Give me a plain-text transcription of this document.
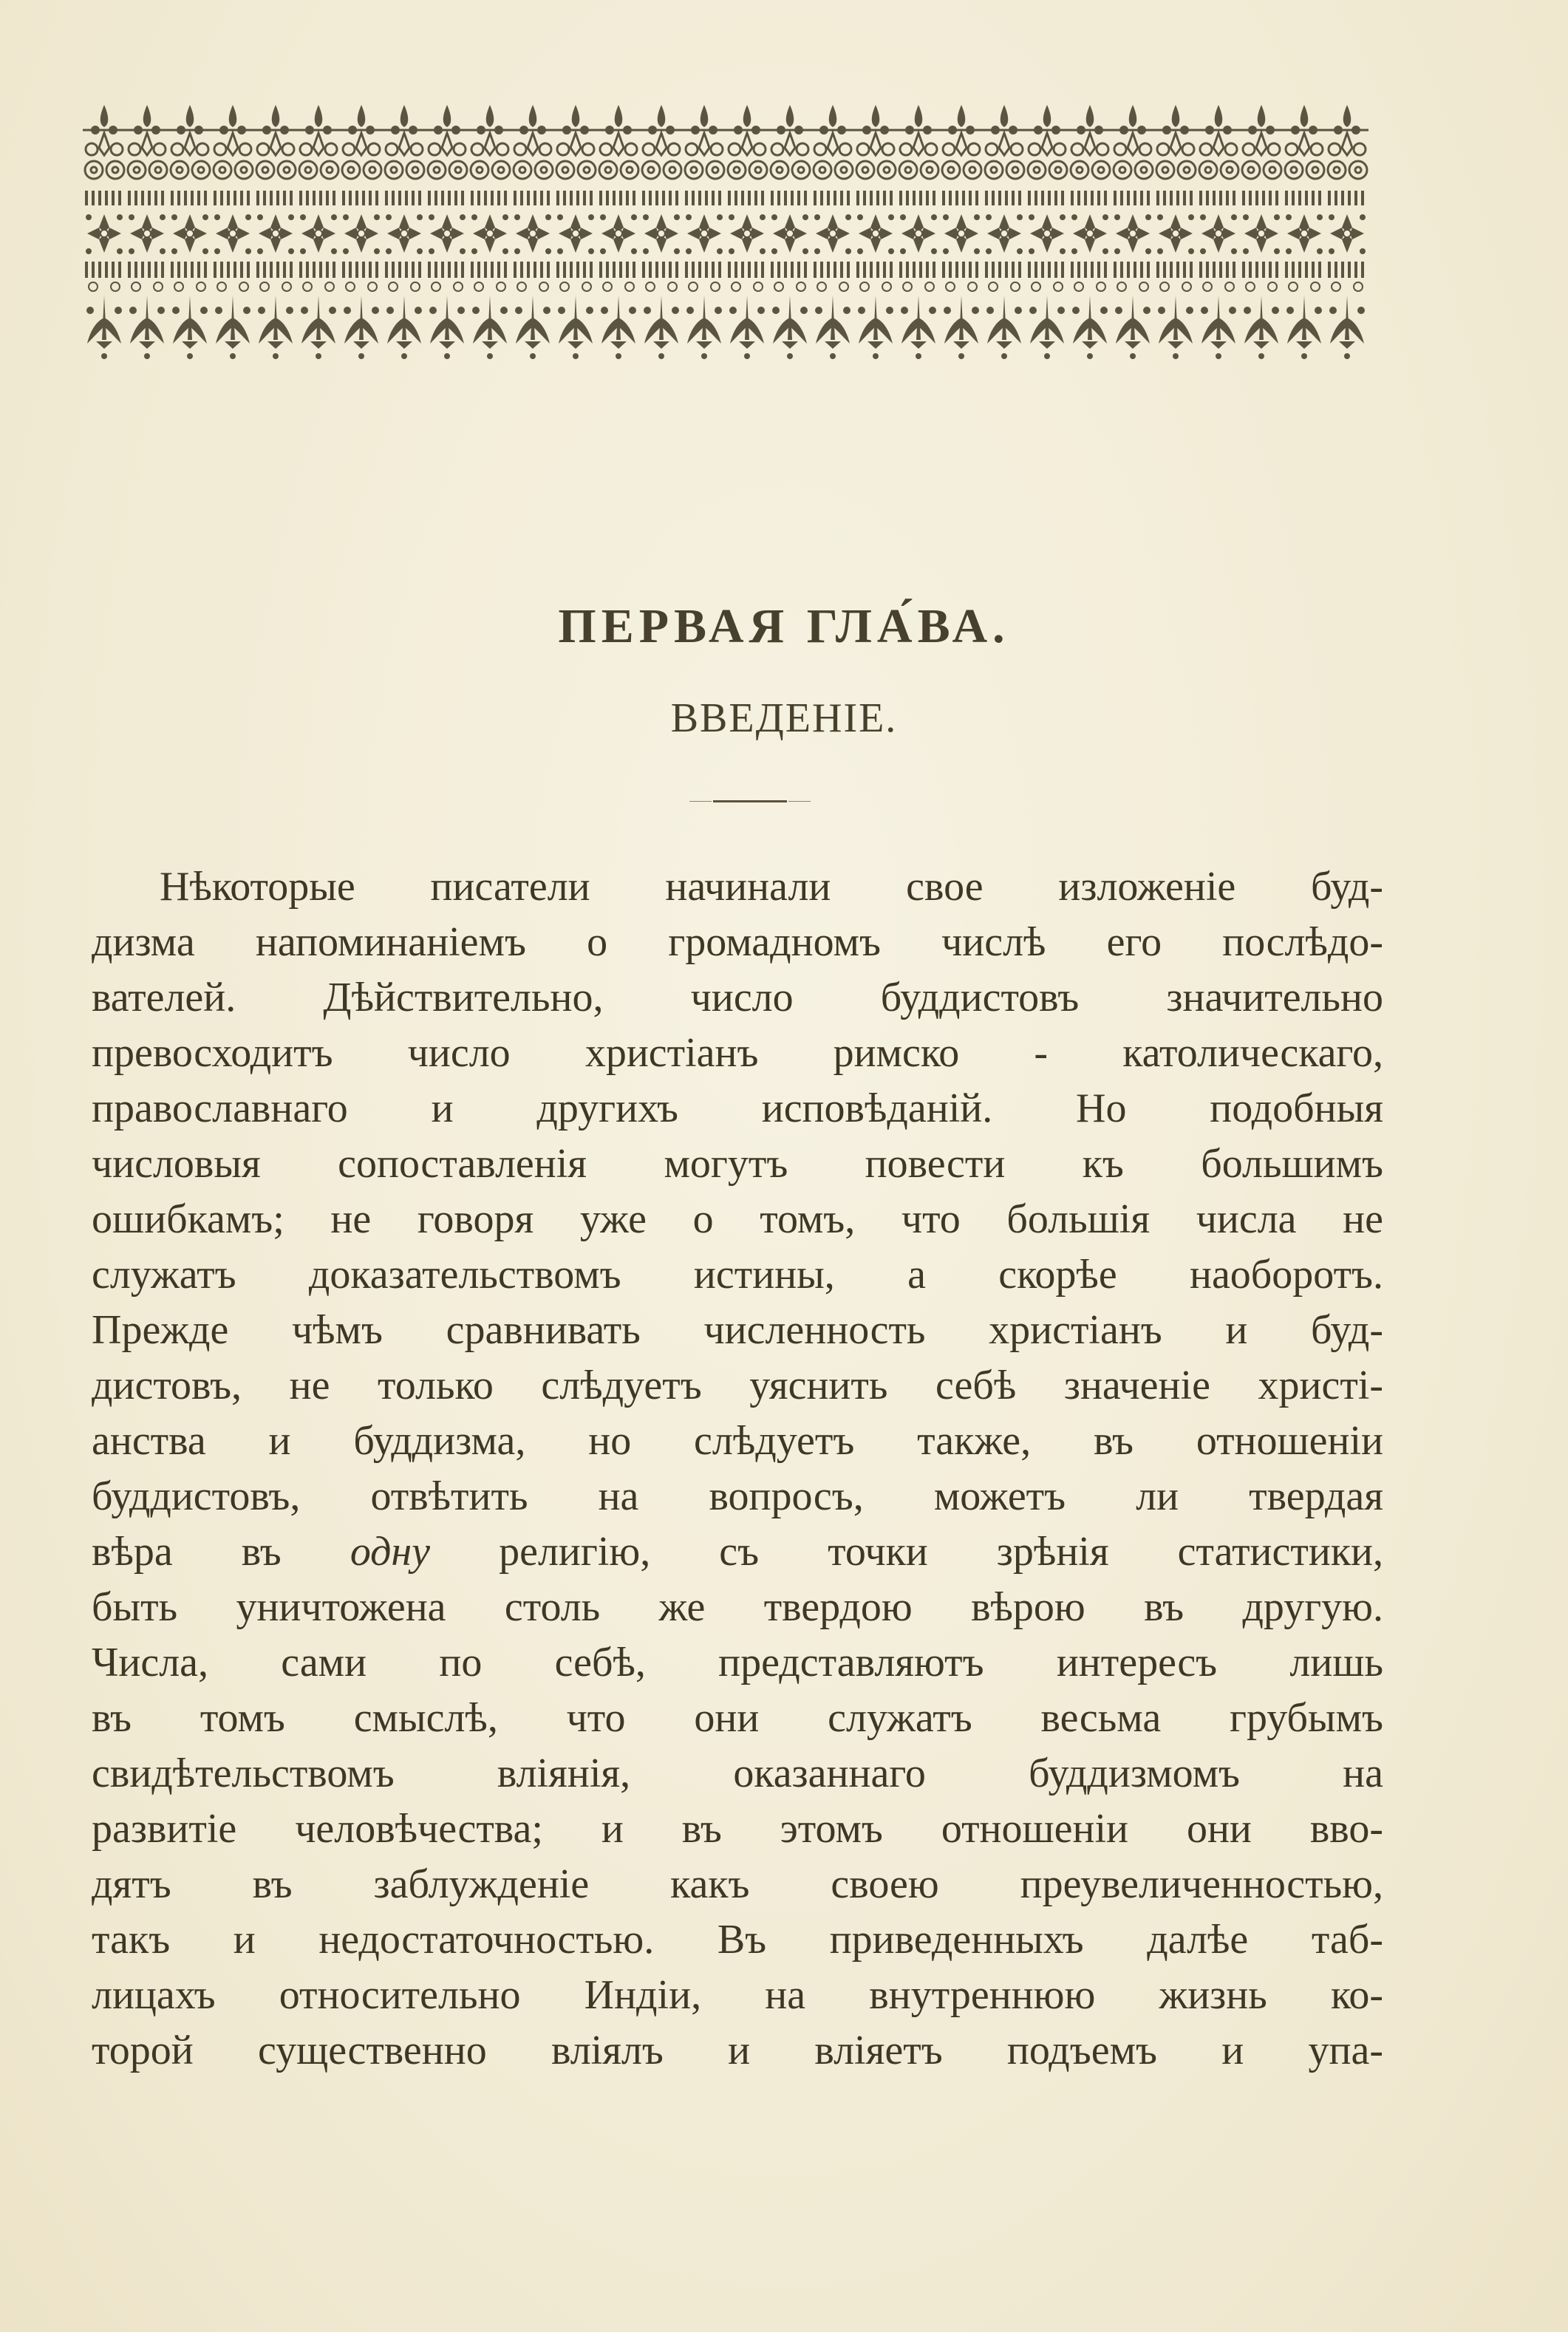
ПЕРВАЯ ГЛА́ВА.
ВВЕДЕНІЕ.
Нѣкоторые писатели начинали свое изложеніе буд-
дизма напоминаніемъ о громадномъ числѣ его послѣдо-
вателей. Дѣйствительно, число буддистовъ значительно
превосходитъ число христіанъ римско - католическаго,
православнаго и другихъ исповѣданій. Но подобныя
числовыя сопоставленія могутъ повести къ большимъ
ошибкамъ; не говоря уже о томъ, что большія числа не
служатъ доказательствомъ истины, а скорѣе наоборотъ.
Прежде чѣмъ сравнивать численность христіанъ и буд-
дистовъ, не только слѣдуетъ уяснить себѣ значеніе христі-
анства и буддизма, но слѣдуетъ также, въ отношеніи
буддистовъ, отвѣтить на вопросъ, можетъ ли твердая
вѣра въ одну религію, съ точки зрѣнія статистики,
быть уничтожена столь же твердою вѣрою въ другую.
Числа, сами по себѣ, представляютъ интересъ лишь
въ томъ смыслѣ, что они служатъ весьма грубымъ
свидѣтельствомъ вліянія, оказаннаго буддизмомъ на
развитіе человѣчества; и въ этомъ отношеніи они вво-
дятъ въ заблужденіе какъ своею преувеличенностью,
такъ и недостаточностью. Въ приведенныхъ далѣе таб-
лицахъ относительно Индіи, на внутреннюю жизнь ко-
торой существенно вліялъ и вліяетъ подъемъ и упа-
